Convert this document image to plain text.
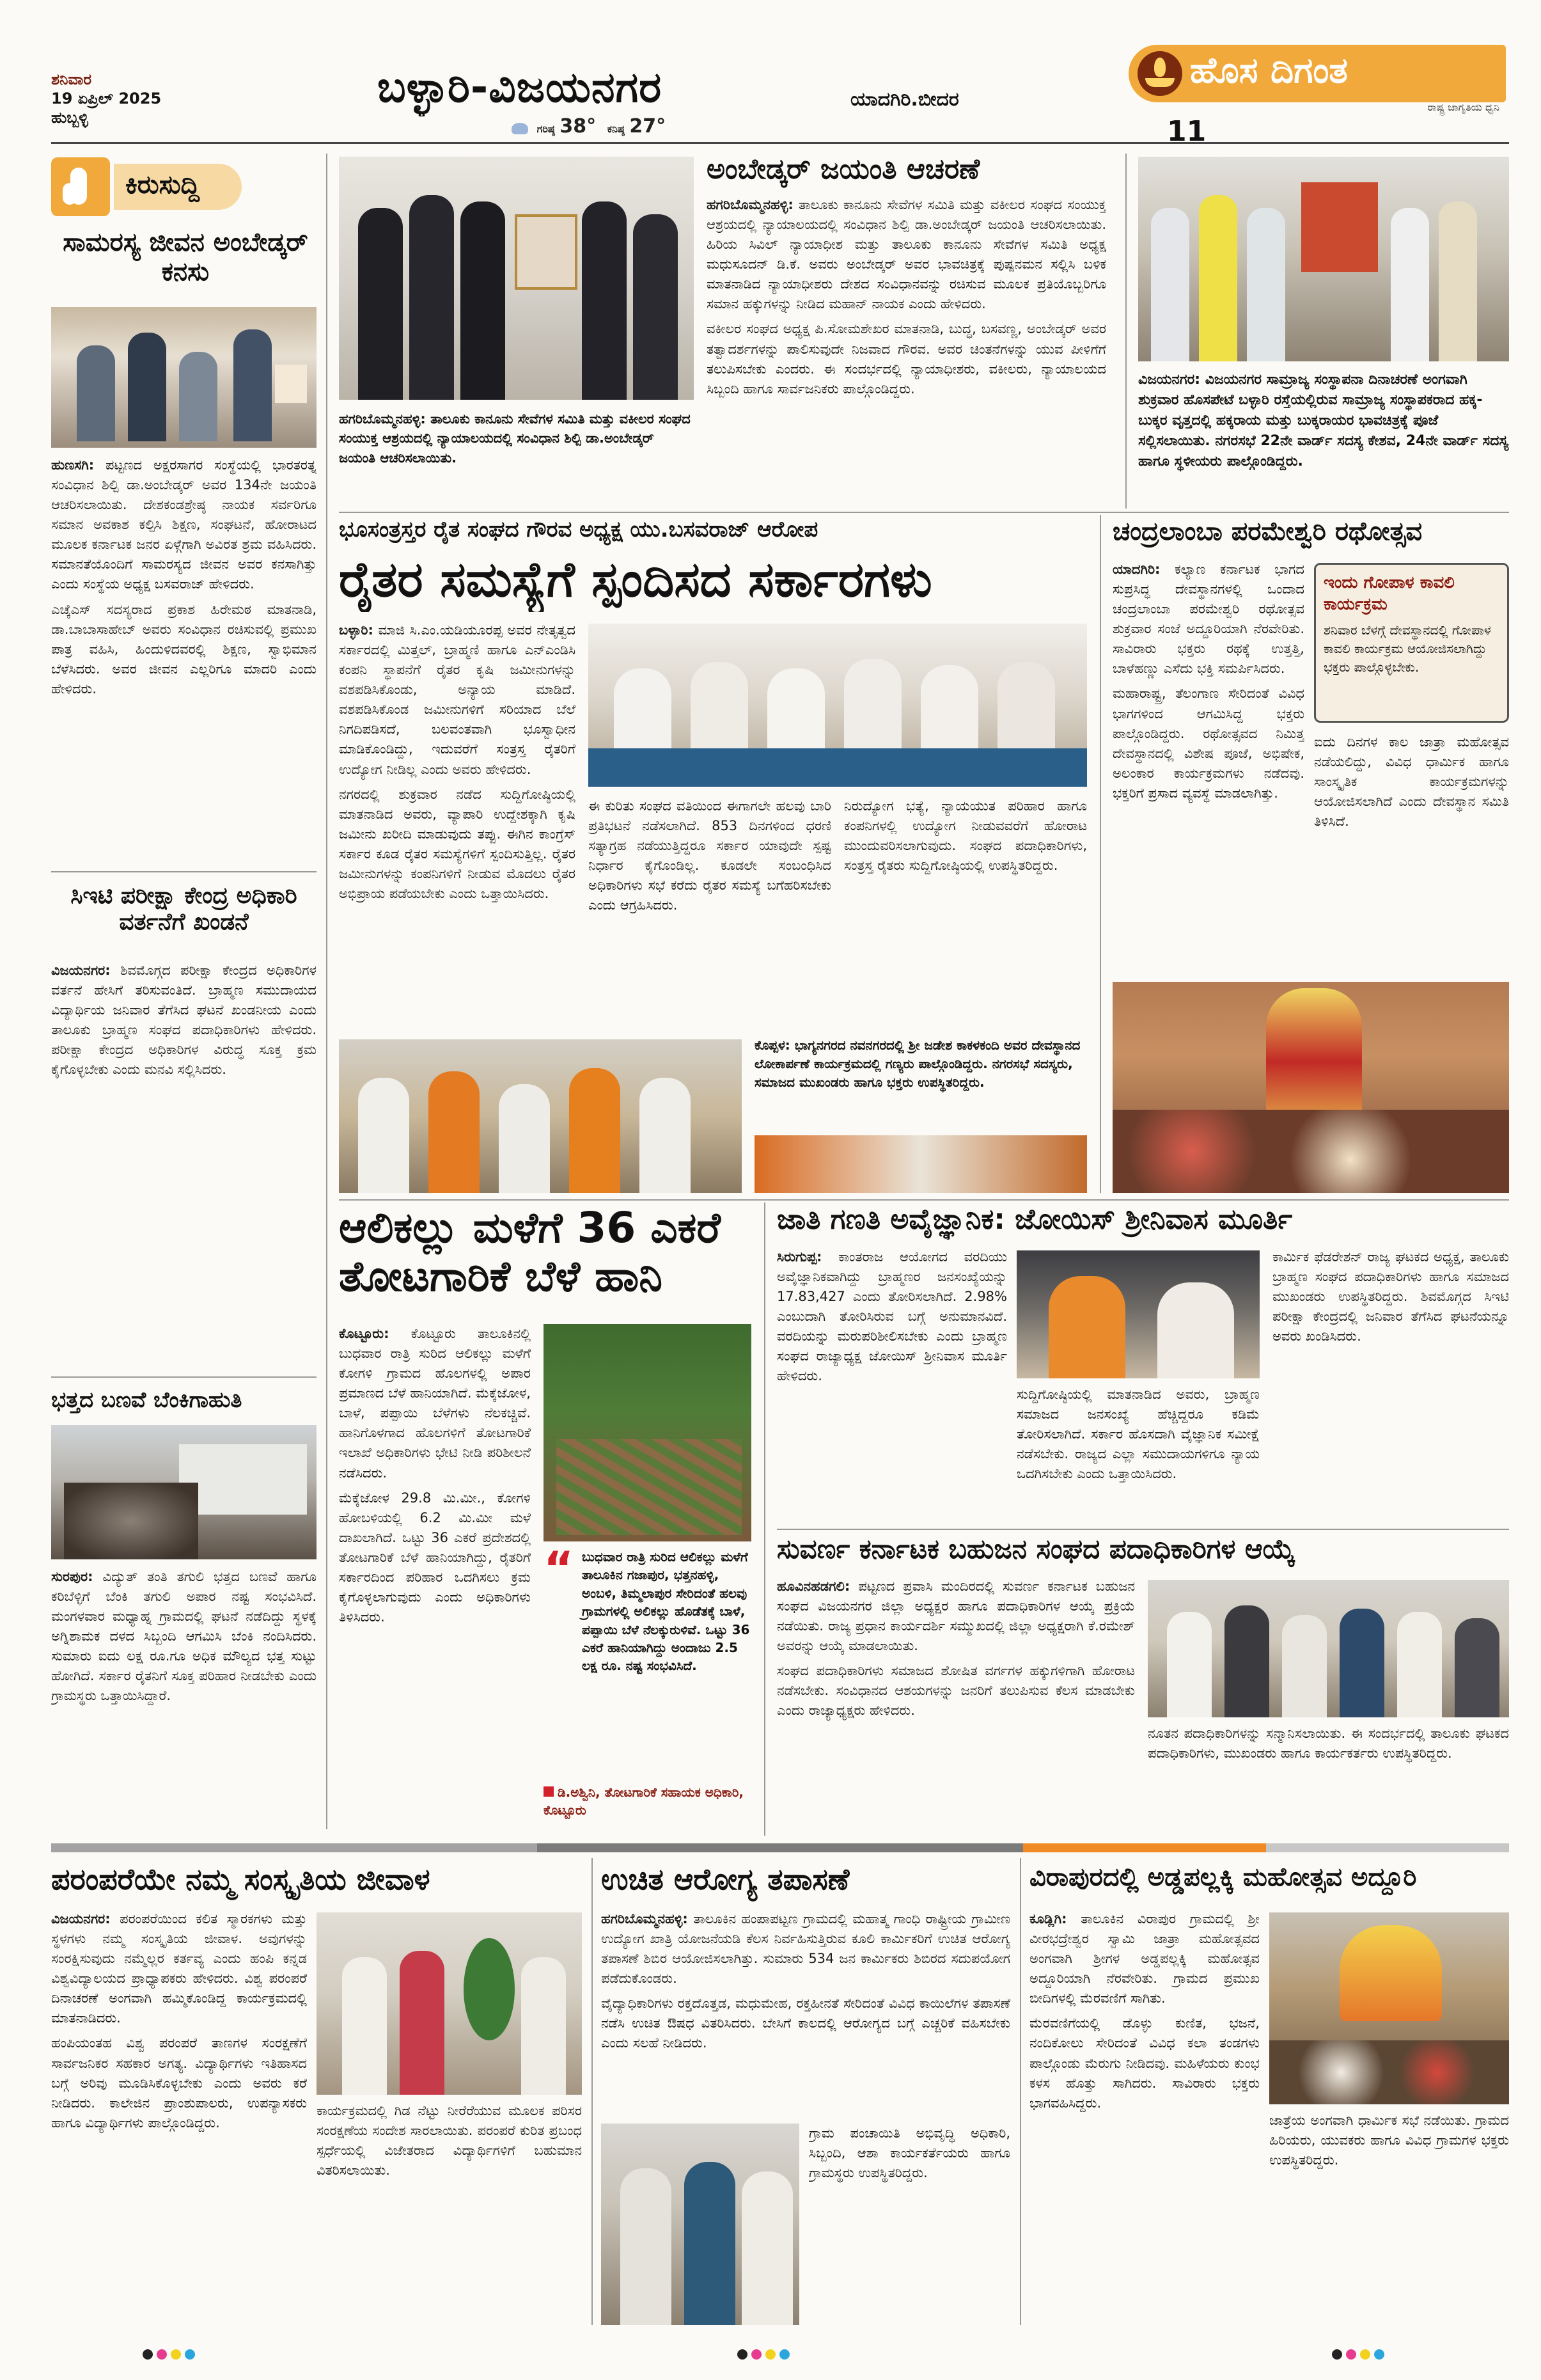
ಶನಿವಾರ
19 ಏಪ್ರಿಲ್ 2025
ಹುಬ್ಬಳ್ಳಿ
ಬಳ್ಳಾರಿ-ವಿಜಯನಗರ	ಯಾದಗಿರಿ.ಬೀದರ
ಗರಿಷ್ಠ 38° ಕನಿಷ್ಠ 27°
ಹೊಸ ದಿಗಂತ
ರಾಷ್ಟ್ರ ಜಾಗೃತಿಯ ಧ್ವನಿ
11
ಕಿರುಸುದ್ದಿ
ಸಾಮರಸ್ಯ ಜೀವನ ಅಂಬೇಡ್ಕರ್ ಕನಸು

ಹುಣಸಗಿ: ಪಟ್ಟಣದ ಅಕ್ಷರಸಾಗರ ಸಂಸ್ಥೆಯಲ್ಲಿ ಭಾರತರತ್ನ ಸಂವಿಧಾನ ಶಿಲ್ಪಿ ಡಾ.ಅಂಬೇಡ್ಕರ್ ಅವರ 134ನೇ ಜಯಂತಿ ಆಚರಿಸಲಾಯಿತು. ದೇಶಕಂಡಶ್ರೇಷ್ಠ ನಾಯಕ ಸರ್ವರಿಗೂ ಸಮಾನ ಅವಕಾಶ ಕಲ್ಪಿಸಿ ಶಿಕ್ಷಣ, ಸಂಘಟನೆ, ಹೋರಾಟದ ಮೂಲಕ ಕರ್ನಾಟಕ ಜನರ ಏಳ್ಗೆಗಾಗಿ ಅವಿರತ ಶ್ರಮ ವಹಿಸಿದರು. ಸಮಾನತೆಯೊಂದಿಗೆ ಸಾಮರಸ್ಯದ ಜೀವನ ಅವರ ಕನಸಾಗಿತ್ತು ಎಂದು ಸಂಸ್ಥೆಯ ಅಧ್ಯಕ್ಷ ಬಸವರಾಜ್ ಹೇಳಿದರು.

ಎಚ್ಕೆಎಸ್ ಸದಸ್ಯರಾದ ಪ್ರಕಾಶ ಹಿರೇಮಠ ಮಾತನಾಡಿ, ಡಾ.ಬಾಬಾಸಾಹೇಬ್ ಅವರು ಸಂವಿಧಾನ ರಚಿಸುವಲ್ಲಿ ಪ್ರಮುಖ ಪಾತ್ರ ವಹಿಸಿ, ಹಿಂದುಳಿದವರಲ್ಲಿ ಶಿಕ್ಷಣ, ಸ್ವಾಭಿಮಾನ ಬೆಳೆಸಿದರು. ಅವರ ಜೀವನ ಎಲ್ಲರಿಗೂ ಮಾದರಿ ಎಂದು ಹೇಳಿದರು.

ಸಿಇಟಿ ಪರೀಕ್ಷಾ ಕೇಂದ್ರ ಅಧಿಕಾರಿ ವರ್ತನೆಗೆ ಖಂಡನೆ

ವಿಜಯನಗರ: ಶಿವಮೊಗ್ಗದ ಪರೀಕ್ಷಾ ಕೇಂದ್ರದ ಅಧಿಕಾರಿಗಳ ವರ್ತನೆ ಹೇಸಿಗೆ ತರಿಸುವಂತಿದೆ. ಬ್ರಾಹ್ಮಣ ಸಮುದಾಯದ ವಿದ್ಯಾರ್ಥಿಯ ಜನಿವಾರ ತೆಗೆಸಿದ ಘಟನೆ ಖಂಡನೀಯ ಎಂದು ತಾಲೂಕು ಬ್ರಾಹ್ಮಣ ಸಂಘದ ಪದಾಧಿಕಾರಿಗಳು ಹೇಳಿದರು. ಪರೀಕ್ಷಾ ಕೇಂದ್ರದ ಅಧಿಕಾರಿಗಳ ವಿರುದ್ಧ ಸೂಕ್ತ ಕ್ರಮ ಕೈಗೊಳ್ಳಬೇಕು ಎಂದು ಮನವಿ ಸಲ್ಲಿಸಿದರು.

ಭತ್ತದ ಬಣವೆ ಬೆಂಕಿಗಾಹುತಿ

ಸುರಪುರ: ವಿದ್ಯುತ್ ತಂತಿ ತಗುಲಿ ಭತ್ತದ ಬಣವೆ ಹಾಗೂ ಕರಿಬೆಳ್ಳಿಗೆ ಬೆಂಕಿ ತಗುಲಿ ಅಪಾರ ನಷ್ಟ ಸಂಭವಿಸಿದೆ. ಮಂಗಳವಾರ ಮಧ್ಯಾಹ್ನ ಗ್ರಾಮದಲ್ಲಿ ಘಟನೆ ನಡೆದಿದ್ದು ಸ್ಥಳಕ್ಕೆ ಅಗ್ನಿಶಾಮಕ ದಳದ ಸಿಬ್ಬಂದಿ ಆಗಮಿಸಿ ಬೆಂಕಿ ನಂದಿಸಿದರು. ಸುಮಾರು ಐದು ಲಕ್ಷ ರೂ.ಗೂ ಅಧಿಕ ಮೌಲ್ಯದ ಭತ್ತ ಸುಟ್ಟು ಹೋಗಿದೆ. ಸರ್ಕಾರ ರೈತನಿಗೆ ಸೂಕ್ತ ಪರಿಹಾರ ನೀಡಬೇಕು ಎಂದು ಗ್ರಾಮಸ್ಥರು ಒತ್ತಾಯಿಸಿದ್ದಾರೆ.

ಹಗರಿಬೊಮ್ಮನಹಳ್ಳಿ: ತಾಲೂಕು ಕಾನೂನು ಸೇವೆಗಳ ಸಮಿತಿ ಮತ್ತು ವಕೀಲರ ಸಂಘದ ಸಂಯುಕ್ತ ಆಶ್ರಯದಲ್ಲಿ ನ್ಯಾಯಾಲಯದಲ್ಲಿ ಸಂವಿಧಾನ ಶಿಲ್ಪಿ ಡಾ.ಅಂಬೇಡ್ಕರ್ ಜಯಂತಿ ಆಚರಿಸಲಾಯಿತು.
ಅಂಬೇಡ್ಕರ್ ಜಯಂತಿ ಆಚರಣೆ

ಹಗರಿಬೊಮ್ಮನಹಳ್ಳಿ: ತಾಲೂಕು ಕಾನೂನು ಸೇವೆಗಳ ಸಮಿತಿ ಮತ್ತು ವಕೀಲರ ಸಂಘದ ಸಂಯುಕ್ತ ಆಶ್ರಯದಲ್ಲಿ ನ್ಯಾಯಾಲಯದಲ್ಲಿ ಸಂವಿಧಾನ ಶಿಲ್ಪಿ ಡಾ.ಅಂಬೇಡ್ಕರ್ ಜಯಂತಿ ಆಚರಿಸಲಾಯಿತು. ಹಿರಿಯ ಸಿವಿಲ್ ನ್ಯಾಯಾಧೀಶ ಮತ್ತು ತಾಲೂಕು ಕಾನೂನು ಸೇವೆಗಳ ಸಮಿತಿ ಅಧ್ಯಕ್ಷ ಮಧುಸೂದನ್ ಡಿ.ಕೆ. ಅವರು ಅಂಬೇಡ್ಕರ್ ಅವರ ಭಾವಚಿತ್ರಕ್ಕೆ ಪುಷ್ಪನಮನ ಸಲ್ಲಿಸಿ ಬಳಿಕ ಮಾತನಾಡಿದ ನ್ಯಾಯಾಧೀಶರು ದೇಶದ ಸಂವಿಧಾನವನ್ನು ರಚಿಸುವ ಮೂಲಕ ಪ್ರತಿಯೊಬ್ಬರಿಗೂ ಸಮಾನ ಹಕ್ಕುಗಳನ್ನು ನೀಡಿದ ಮಹಾನ್ ನಾಯಕ ಎಂದು ಹೇಳಿದರು.

ವಕೀಲರ ಸಂಘದ ಅಧ್ಯಕ್ಷ ಪಿ.ಸೋಮಶೇಖರ ಮಾತನಾಡಿ, ಬುದ್ಧ, ಬಸವಣ್ಣ, ಅಂಬೇಡ್ಕರ್ ಅವರ ತತ್ವಾದರ್ಶಗಳನ್ನು ಪಾಲಿಸುವುದೇ ನಿಜವಾದ ಗೌರವ. ಅವರ ಚಿಂತನೆಗಳನ್ನು ಯುವ ಪೀಳಿಗೆಗೆ ತಲುಪಿಸಬೇಕು ಎಂದರು. ಈ ಸಂದರ್ಭದಲ್ಲಿ ನ್ಯಾಯಾಧೀಶರು, ವಕೀಲರು, ನ್ಯಾಯಾಲಯದ ಸಿಬ್ಬಂದಿ ಹಾಗೂ ಸಾರ್ವಜನಿಕರು ಪಾಲ್ಗೊಂಡಿದ್ದರು.

ವಿಜಯನಗರ: ವಿಜಯನಗರ ಸಾಮ್ರಾಜ್ಯ ಸಂಸ್ಥಾಪನಾ ದಿನಾಚರಣೆ ಅಂಗವಾಗಿ ಶುಕ್ರವಾರ ಹೊಸಪೇಟೆ ಬಳ್ಳಾರಿ ರಸ್ತೆಯಲ್ಲಿರುವ ಸಾಮ್ರಾಜ್ಯ ಸಂಸ್ಥಾಪಕರಾದ ಹಕ್ಕ-ಬುಕ್ಕರ ವೃತ್ತದಲ್ಲಿ ಹಕ್ಕರಾಯ ಮತ್ತು ಬುಕ್ಕರಾಯರ ಭಾವಚಿತ್ರಕ್ಕೆ ಪೂಜೆ ಸಲ್ಲಿಸಲಾಯಿತು. ನಗರಸಭೆ 22ನೇ ವಾರ್ಡ್ ಸದಸ್ಯ ಕೇಶವ, 24ನೇ ವಾರ್ಡ್ ಸದಸ್ಯ ಹಾಗೂ ಸ್ಥಳೀಯರು ಪಾಲ್ಗೊಂಡಿದ್ದರು.
ಭೂಸಂತ್ರಸ್ತರ ರೈತ ಸಂಘದ ಗೌರವ ಅಧ್ಯಕ್ಷ ಯು.ಬಸವರಾಜ್ ಆರೋಪ
ರೈತರ ಸಮಸ್ಯೆಗೆ ಸ್ಪಂದಿಸದ ಸರ್ಕಾರಗಳು

ಬಳ್ಳಾರಿ: ಮಾಜಿ ಸಿ.ಎಂ.ಯಡಿಯೂರಪ್ಪ ಅವರ ನೇತೃತ್ವದ ಸರ್ಕಾರದಲ್ಲಿ ಮಿತ್ತಲ್, ಬ್ರಾಹ್ಮಣಿ ಹಾಗೂ ಎನ್ಎಂಡಿಸಿ ಕಂಪನಿ ಸ್ಥಾಪನೆಗೆ ರೈತರ ಕೃಷಿ ಜಮೀನುಗಳನ್ನು ವಶಪಡಿಸಿಕೊಂಡು, ಅನ್ಯಾಯ ಮಾಡಿದೆ. ವಶಪಡಿಸಿಕೊಂಡ ಜಮೀನುಗಳಿಗೆ ಸರಿಯಾದ ಬೆಲೆ ನಿಗದಿಪಡಿಸದೆ, ಬಲವಂತವಾಗಿ ಭೂಸ್ವಾಧೀನ ಮಾಡಿಕೊಂಡಿದ್ದು, ಇದುವರೆಗೆ ಸಂತ್ರಸ್ತ ರೈತರಿಗೆ ಉದ್ಯೋಗ ನೀಡಿಲ್ಲ ಎಂದು ಅವರು ಹೇಳಿದರು.

ನಗರದಲ್ಲಿ ಶುಕ್ರವಾರ ನಡೆದ ಸುದ್ದಿಗೋಷ್ಠಿಯಲ್ಲಿ ಮಾತನಾಡಿದ ಅವರು, ವ್ಯಾಪಾರಿ ಉದ್ದೇಶಕ್ಕಾಗಿ ಕೃಷಿ ಜಮೀನು ಖರೀದಿ ಮಾಡುವುದು ತಪ್ಪು. ಈಗಿನ ಕಾಂಗ್ರೆಸ್ ಸರ್ಕಾರ ಕೂಡ ರೈತರ ಸಮಸ್ಯೆಗಳಿಗೆ ಸ್ಪಂದಿಸುತ್ತಿಲ್ಲ. ರೈತರ ಜಮೀನುಗಳನ್ನು ಕಂಪನಿಗಳಿಗೆ ನೀಡುವ ಮೊದಲು ರೈತರ ಅಭಿಪ್ರಾಯ ಪಡೆಯಬೇಕು ಎಂದು ಒತ್ತಾಯಿಸಿದರು.

ಈ ಕುರಿತು ಸಂಘದ ವತಿಯಿಂದ ಈಗಾಗಲೇ ಹಲವು ಬಾರಿ ಪ್ರತಿಭಟನೆ ನಡೆಸಲಾಗಿದೆ. 853 ದಿನಗಳಿಂದ ಧರಣಿ ಸತ್ಯಾಗ್ರಹ ನಡೆಯುತ್ತಿದ್ದರೂ ಸರ್ಕಾರ ಯಾವುದೇ ಸ್ಪಷ್ಟ ನಿರ್ಧಾರ ಕೈಗೊಂಡಿಲ್ಲ. ಕೂಡಲೇ ಸಂಬಂಧಿಸಿದ ಅಧಿಕಾರಿಗಳು ಸಭೆ ಕರೆದು ರೈತರ ಸಮಸ್ಯೆ ಬಗೆಹರಿಸಬೇಕು ಎಂದು ಆಗ್ರಹಿಸಿದರು.

ನಿರುದ್ಯೋಗ ಭತ್ಯೆ, ನ್ಯಾಯಯುತ ಪರಿಹಾರ ಹಾಗೂ ಕಂಪನಿಗಳಲ್ಲಿ ಉದ್ಯೋಗ ನೀಡುವವರೆಗೆ ಹೋರಾಟ ಮುಂದುವರಿಸಲಾಗುವುದು. ಸಂಘದ ಪದಾಧಿಕಾರಿಗಳು, ಸಂತ್ರಸ್ತ ರೈತರು ಸುದ್ದಿಗೋಷ್ಠಿಯಲ್ಲಿ ಉಪಸ್ಥಿತರಿದ್ದರು.

ಕೊಪ್ಪಳ: ಭಾಗ್ಯನಗರದ ನವನಗರದಲ್ಲಿ ಶ್ರೀ ಜಡೇಶ ಕಾಕಳಕಂದಿ ಅವರ ದೇವಸ್ಥಾನದ ಲೋಕಾರ್ಪಣೆ ಕಾರ್ಯಕ್ರಮದಲ್ಲಿ ಗಣ್ಯರು ಪಾಲ್ಗೊಂಡಿದ್ದರು. ನಗರಸಭೆ ಸದಸ್ಯರು, ಸಮಾಜದ ಮುಖಂಡರು ಹಾಗೂ ಭಕ್ತರು ಉಪಸ್ಥಿತರಿದ್ದರು.
ಚಂದ್ರಲಾಂಬಾ ಪರಮೇಶ್ವರಿ ರಥೋತ್ಸವ

ಯಾದಗಿರಿ: ಕಲ್ಯಾಣ ಕರ್ನಾಟಕ ಭಾಗದ ಸುಪ್ರಸಿದ್ಧ ದೇವಸ್ಥಾನಗಳಲ್ಲಿ ಒಂದಾದ ಚಂದ್ರಲಾಂಬಾ ಪರಮೇಶ್ವರಿ ರಥೋತ್ಸವ ಶುಕ್ರವಾರ ಸಂಜೆ ಅದ್ದೂರಿಯಾಗಿ ನೆರವೇರಿತು. ಸಾವಿರಾರು ಭಕ್ತರು ರಥಕ್ಕೆ ಉತ್ತತ್ತಿ, ಬಾಳೆಹಣ್ಣು ಎಸೆದು ಭಕ್ತಿ ಸಮರ್ಪಿಸಿದರು.

ಮಹಾರಾಷ್ಟ್ರ, ತೆಲಂಗಾಣ ಸೇರಿದಂತೆ ವಿವಿಧ ಭಾಗಗಳಿಂದ ಆಗಮಿಸಿದ್ದ ಭಕ್ತರು ಪಾಲ್ಗೊಂಡಿದ್ದರು. ರಥೋತ್ಸವದ ನಿಮಿತ್ತ ದೇವಸ್ಥಾನದಲ್ಲಿ ವಿಶೇಷ ಪೂಜೆ, ಅಭಿಷೇಕ, ಅಲಂಕಾರ ಕಾರ್ಯಕ್ರಮಗಳು ನಡೆದವು. ಭಕ್ತರಿಗೆ ಪ್ರಸಾದ ವ್ಯವಸ್ಥೆ ಮಾಡಲಾಗಿತ್ತು.

ಇಂದು ಗೋಪಾಳ ಕಾವಲಿ ಕಾರ್ಯಕ್ರಮ
ಶನಿವಾರ ಬೆಳಗ್ಗೆ ದೇವಸ್ಥಾನದಲ್ಲಿ ಗೋಪಾಳ ಕಾವಲಿ ಕಾರ್ಯಕ್ರಮ ಆಯೋಜಿಸಲಾಗಿದ್ದು ಭಕ್ತರು ಪಾಲ್ಗೊಳ್ಳಬೇಕು.

ಐದು ದಿನಗಳ ಕಾಲ ಜಾತ್ರಾ ಮಹೋತ್ಸವ ನಡೆಯಲಿದ್ದು, ವಿವಿಧ ಧಾರ್ಮಿಕ ಹಾಗೂ ಸಾಂಸ್ಕೃತಿಕ ಕಾರ್ಯಕ್ರಮಗಳನ್ನು ಆಯೋಜಿಸಲಾಗಿದೆ ಎಂದು ದೇವಸ್ಥಾನ ಸಮಿತಿ ತಿಳಿಸಿದೆ.

ಆಲಿಕಲ್ಲು ಮಳೆಗೆ 36 ಎಕರೆ ತೋಟಗಾರಿಕೆ ಬೆಳೆ ಹಾನಿ

ಕೊಟ್ಟೂರು: ಕೊಟ್ಟೂರು ತಾಲೂಕಿನಲ್ಲಿ ಬುಧವಾರ ರಾತ್ರಿ ಸುರಿದ ಆಲಿಕಲ್ಲು ಮಳೆಗೆ ಕೋಗಳಿ ಗ್ರಾಮದ ಹೊಲಗಳಲ್ಲಿ ಅಪಾರ ಪ್ರಮಾಣದ ಬೆಳೆ ಹಾನಿಯಾಗಿದೆ. ಮೆಕ್ಕೆಜೋಳ, ಬಾಳೆ, ಪಪ್ಪಾಯಿ ಬೆಳೆಗಳು ನೆಲಕಚ್ಚಿವೆ. ಹಾನಿಗೊಳಗಾದ ಹೊಲಗಳಿಗೆ ತೋಟಗಾರಿಕೆ ಇಲಾಖೆ ಅಧಿಕಾರಿಗಳು ಭೇಟಿ ನೀಡಿ ಪರಿಶೀಲನೆ ನಡೆಸಿದರು.

ಮೆಕ್ಕೆಜೋಳ 29.8 ಮಿ.ಮೀ., ಕೋಗಳಿ ಹೋಬಳಿಯಲ್ಲಿ 6.2 ಮಿ.ಮೀ ಮಳೆ ದಾಖಲಾಗಿದೆ. ಒಟ್ಟು 36 ಎಕರೆ ಪ್ರದೇಶದಲ್ಲಿ ತೋಟಗಾರಿಕೆ ಬೆಳೆ ಹಾನಿಯಾಗಿದ್ದು, ರೈತರಿಗೆ ಸರ್ಕಾರದಿಂದ ಪರಿಹಾರ ಒದಗಿಸಲು ಕ್ರಮ ಕೈಗೊಳ್ಳಲಾಗುವುದು ಎಂದು ಅಧಿಕಾರಿಗಳು ತಿಳಿಸಿದರು.

“ ಬುಧವಾರ ರಾತ್ರಿ ಸುರಿದ ಆಲಿಕಲ್ಲು ಮಳೆಗೆ ತಾಲೂಕಿನ ಗಜಾಪುರ, ಭತ್ತನಹಳ್ಳಿ, ಅಂಬಳಿ, ತಿಮ್ಮಲಾಪುರ ಸೇರಿದಂತೆ ಹಲವು ಗ್ರಾಮಗಳಲ್ಲಿ ಅಲಿಕಲ್ಲು ಹೊಡೆತಕ್ಕೆ ಬಾಳೆ, ಪಪ್ಪಾಯಿ ಬೆಳೆ ನೆಲಕ್ಕುರುಳಿವೆ. ಒಟ್ಟು 36 ಎಕರೆ ಹಾನಿಯಾಗಿದ್ದು ಅಂದಾಜು 2.5 ಲಕ್ಷ ರೂ. ನಷ್ಟ ಸಂಭವಿಸಿದೆ.
ಡಿ.ಅಶ್ವಿನಿ, ತೋಟಗಾರಿಕೆ ಸಹಾಯಕ ಅಧಿಕಾರಿ, ಕೊಟ್ಟೂರು
ಜಾತಿ ಗಣತಿ ಅವೈಜ್ಞಾನಿಕ: ಜೋಯಿಸ್ ಶ್ರೀನಿವಾಸ ಮೂರ್ತಿ

ಸಿರುಗುಪ್ಪ: ಕಾಂತರಾಜ ಆಯೋಗದ ವರದಿಯು ಅವೈಜ್ಞಾನಿಕವಾಗಿದ್ದು ಬ್ರಾಹ್ಮಣರ ಜನಸಂಖ್ಯೆಯನ್ನು 17.83,427 ಎಂದು ತೋರಿಸಲಾಗಿದೆ. 2.98% ಎಂಬುದಾಗಿ ತೋರಿಸಿರುವ ಬಗ್ಗೆ ಅನುಮಾನವಿದೆ. ವರದಿಯನ್ನು ಮರುಪರಿಶೀಲಿಸಬೇಕು ಎಂದು ಬ್ರಾಹ್ಮಣ ಸಂಘದ ರಾಜ್ಯಾಧ್ಯಕ್ಷ ಜೋಯಿಸ್ ಶ್ರೀನಿವಾಸ ಮೂರ್ತಿ ಹೇಳಿದರು.

ಸುದ್ದಿಗೋಷ್ಠಿಯಲ್ಲಿ ಮಾತನಾಡಿದ ಅವರು, ಬ್ರಾಹ್ಮಣ ಸಮಾಜದ ಜನಸಂಖ್ಯೆ ಹೆಚ್ಚಿದ್ದರೂ ಕಡಿಮೆ ತೋರಿಸಲಾಗಿದೆ. ಸರ್ಕಾರ ಹೊಸದಾಗಿ ವೈಜ್ಞಾನಿಕ ಸಮೀಕ್ಷೆ ನಡೆಸಬೇಕು. ರಾಜ್ಯದ ಎಲ್ಲಾ ಸಮುದಾಯಗಳಿಗೂ ನ್ಯಾಯ ಒದಗಿಸಬೇಕು ಎಂದು ಒತ್ತಾಯಿಸಿದರು.

ಕಾರ್ಮಿಕ ಫೆಡರೇಶನ್ ರಾಜ್ಯ ಘಟಕದ ಅಧ್ಯಕ್ಷ, ತಾಲೂಕು ಬ್ರಾಹ್ಮಣ ಸಂಘದ ಪದಾಧಿಕಾರಿಗಳು ಹಾಗೂ ಸಮಾಜದ ಮುಖಂಡರು ಉಪಸ್ಥಿತರಿದ್ದರು. ಶಿವಮೊಗ್ಗದ ಸಿಇಟಿ ಪರೀಕ್ಷಾ ಕೇಂದ್ರದಲ್ಲಿ ಜನಿವಾರ ತೆಗೆಸಿದ ಘಟನೆಯನ್ನೂ ಅವರು ಖಂಡಿಸಿದರು.

ಸುವರ್ಣ ಕರ್ನಾಟಕ ಬಹುಜನ ಸಂಘದ ಪದಾಧಿಕಾರಿಗಳ ಆಯ್ಕೆ

ಹೂವಿನಹಡಗಲಿ: ಪಟ್ಟಣದ ಪ್ರವಾಸಿ ಮಂದಿರದಲ್ಲಿ ಸುವರ್ಣ ಕರ್ನಾಟಕ ಬಹುಜನ ಸಂಘದ ವಿಜಯನಗರ ಜಿಲ್ಲಾ ಅಧ್ಯಕ್ಷರ ಹಾಗೂ ಪದಾಧಿಕಾರಿಗಳ ಆಯ್ಕೆ ಪ್ರಕ್ರಿಯೆ ನಡೆಯಿತು. ರಾಜ್ಯ ಪ್ರಧಾನ ಕಾರ್ಯದರ್ಶಿ ಸಮ್ಮುಖದಲ್ಲಿ ಜಿಲ್ಲಾ ಅಧ್ಯಕ್ಷರಾಗಿ ಕೆ.ರಮೇಶ್ ಅವರನ್ನು ಆಯ್ಕೆ ಮಾಡಲಾಯಿತು.

ಸಂಘದ ಪದಾಧಿಕಾರಿಗಳು ಸಮಾಜದ ಶೋಷಿತ ವರ್ಗಗಳ ಹಕ್ಕುಗಳಿಗಾಗಿ ಹೋರಾಟ ನಡೆಸಬೇಕು. ಸಂವಿಧಾನದ ಆಶಯಗಳನ್ನು ಜನರಿಗೆ ತಲುಪಿಸುವ ಕೆಲಸ ಮಾಡಬೇಕು ಎಂದು ರಾಜ್ಯಾಧ್ಯಕ್ಷರು ಹೇಳಿದರು.

ನೂತನ ಪದಾಧಿಕಾರಿಗಳನ್ನು ಸನ್ಮಾನಿಸಲಾಯಿತು. ಈ ಸಂದರ್ಭದಲ್ಲಿ ತಾಲೂಕು ಘಟಕದ ಪದಾಧಿಕಾರಿಗಳು, ಮುಖಂಡರು ಹಾಗೂ ಕಾರ್ಯಕರ್ತರು ಉಪಸ್ಥಿತರಿದ್ದರು.

ಪರಂಪರೆಯೇ ನಮ್ಮ ಸಂಸ್ಕೃತಿಯ ಜೀವಾಳ

ವಿಜಯನಗರ: ಪರಂಪರೆಯಿಂದ ಕಲಿತ ಸ್ಮಾರಕಗಳು ಮತ್ತು ಸ್ಥಳಗಳು ನಮ್ಮ ಸಂಸ್ಕೃತಿಯ ಜೀವಾಳ. ಅವುಗಳನ್ನು ಸಂರಕ್ಷಿಸುವುದು ನಮ್ಮೆಲ್ಲರ ಕರ್ತವ್ಯ ಎಂದು ಹಂಪಿ ಕನ್ನಡ ವಿಶ್ವವಿದ್ಯಾಲಯದ ಪ್ರಾಧ್ಯಾಪಕರು ಹೇಳಿದರು. ವಿಶ್ವ ಪರಂಪರೆ ದಿನಾಚರಣೆ ಅಂಗವಾಗಿ ಹಮ್ಮಿಕೊಂಡಿದ್ದ ಕಾರ್ಯಕ್ರಮದಲ್ಲಿ ಮಾತನಾಡಿದರು.

ಹಂಪಿಯಂತಹ ವಿಶ್ವ ಪರಂಪರೆ ತಾಣಗಳ ಸಂರಕ್ಷಣೆಗೆ ಸಾರ್ವಜನಿಕರ ಸಹಕಾರ ಅಗತ್ಯ. ವಿದ್ಯಾರ್ಥಿಗಳು ಇತಿಹಾಸದ ಬಗ್ಗೆ ಅರಿವು ಮೂಡಿಸಿಕೊಳ್ಳಬೇಕು ಎಂದು ಅವರು ಕರೆ ನೀಡಿದರು. ಕಾಲೇಜಿನ ಪ್ರಾಂಶುಪಾಲರು, ಉಪನ್ಯಾಸಕರು ಹಾಗೂ ವಿದ್ಯಾರ್ಥಿಗಳು ಪಾಲ್ಗೊಂಡಿದ್ದರು.

ಕಾರ್ಯಕ್ರಮದಲ್ಲಿ ಗಿಡ ನೆಟ್ಟು ನೀರೆರೆಯುವ ಮೂಲಕ ಪರಿಸರ ಸಂರಕ್ಷಣೆಯ ಸಂದೇಶ ಸಾರಲಾಯಿತು. ಪರಂಪರೆ ಕುರಿತ ಪ್ರಬಂಧ ಸ್ಪರ್ಧೆಯಲ್ಲಿ ವಿಜೇತರಾದ ವಿದ್ಯಾರ್ಥಿಗಳಿಗೆ ಬಹುಮಾನ ವಿತರಿಸಲಾಯಿತು.

ಉಚಿತ ಆರೋಗ್ಯ ತಪಾಸಣೆ

ಹಗರಿಬೊಮ್ಮನಹಳ್ಳಿ: ತಾಲೂಕಿನ ಹಂಪಾಪಟ್ಟಣ ಗ್ರಾಮದಲ್ಲಿ ಮಹಾತ್ಮ ಗಾಂಧಿ ರಾಷ್ಟ್ರೀಯ ಗ್ರಾಮೀಣ ಉದ್ಯೋಗ ಖಾತ್ರಿ ಯೋಜನೆಯಡಿ ಕೆಲಸ ನಿರ್ವಹಿಸುತ್ತಿರುವ ಕೂಲಿ ಕಾರ್ಮಿಕರಿಗೆ ಉಚಿತ ಆರೋಗ್ಯ ತಪಾಸಣೆ ಶಿಬಿರ ಆಯೋಜಿಸಲಾಗಿತ್ತು. ಸುಮಾರು 534 ಜನ ಕಾರ್ಮಿಕರು ಶಿಬಿರದ ಸದುಪಯೋಗ ಪಡೆದುಕೊಂಡರು.

ವೈದ್ಯಾಧಿಕಾರಿಗಳು ರಕ್ತದೊತ್ತಡ, ಮಧುಮೇಹ, ರಕ್ತಹೀನತೆ ಸೇರಿದಂತೆ ವಿವಿಧ ಕಾಯಿಲೆಗಳ ತಪಾಸಣೆ ನಡೆಸಿ ಉಚಿತ ಔಷಧ ವಿತರಿಸಿದರು. ಬೇಸಿಗೆ ಕಾಲದಲ್ಲಿ ಆರೋಗ್ಯದ ಬಗ್ಗೆ ಎಚ್ಚರಿಕೆ ವಹಿಸಬೇಕು ಎಂದು ಸಲಹೆ ನೀಡಿದರು.

ಗ್ರಾಮ ಪಂಚಾಯಿತಿ ಅಭಿವೃದ್ಧಿ ಅಧಿಕಾರಿ, ಸಿಬ್ಬಂದಿ, ಆಶಾ ಕಾರ್ಯಕರ್ತೆಯರು ಹಾಗೂ ಗ್ರಾಮಸ್ಥರು ಉಪಸ್ಥಿತರಿದ್ದರು.

ವಿರಾಪುರದಲ್ಲಿ ಅಡ್ಡಪಲ್ಲಕ್ಕಿ ಮಹೋತ್ಸವ ಅದ್ದೂರಿ

ಕೂಡ್ಲಿಗಿ: ತಾಲೂಕಿನ ವಿರಾಪುರ ಗ್ರಾಮದಲ್ಲಿ ಶ್ರೀ ವೀರಭದ್ರೇಶ್ವರ ಸ್ವಾಮಿ ಜಾತ್ರಾ ಮಹೋತ್ಸವದ ಅಂಗವಾಗಿ ಶ್ರೀಗಳ ಅಡ್ಡಪಲ್ಲಕ್ಕಿ ಮಹೋತ್ಸವ ಅದ್ದೂರಿಯಾಗಿ ನೆರವೇರಿತು. ಗ್ರಾಮದ ಪ್ರಮುಖ ಬೀದಿಗಳಲ್ಲಿ ಮೆರವಣಿಗೆ ಸಾಗಿತು.

ಮೆರವಣಿಗೆಯಲ್ಲಿ ಡೊಳ್ಳು ಕುಣಿತ, ಭಜನೆ, ನಂದಿಕೋಲು ಸೇರಿದಂತೆ ವಿವಿಧ ಕಲಾ ತಂಡಗಳು ಪಾಲ್ಗೊಂಡು ಮೆರುಗು ನೀಡಿದವು. ಮಹಿಳೆಯರು ಕುಂಭ ಕಳಸ ಹೊತ್ತು ಸಾಗಿದರು. ಸಾವಿರಾರು ಭಕ್ತರು ಭಾಗವಹಿಸಿದ್ದರು.

ಜಾತ್ರೆಯ ಅಂಗವಾಗಿ ಧಾರ್ಮಿಕ ಸಭೆ ನಡೆಯಿತು. ಗ್ರಾಮದ ಹಿರಿಯರು, ಯುವಕರು ಹಾಗೂ ವಿವಿಧ ಗ್ರಾಮಗಳ ಭಕ್ತರು ಉಪಸ್ಥಿತರಿದ್ದರು.
